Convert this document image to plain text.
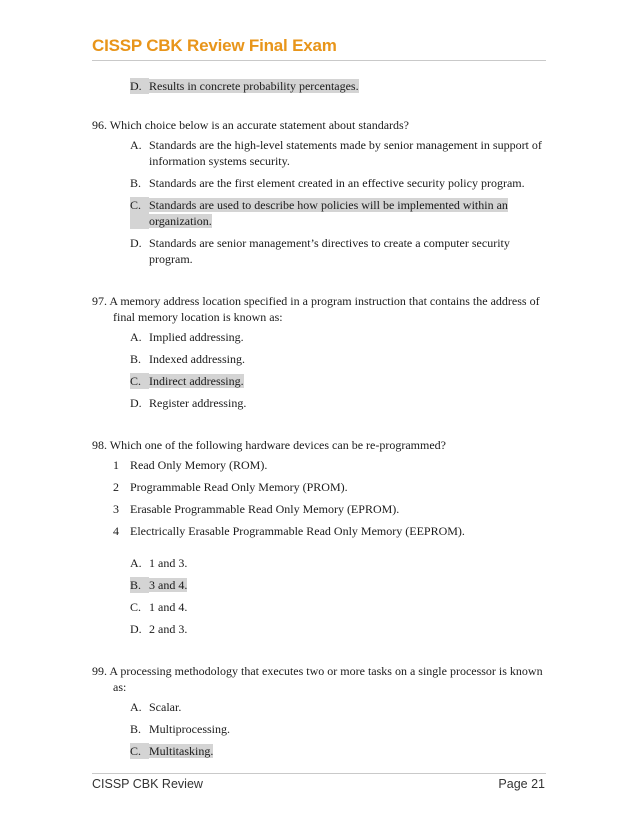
CISSP CBK Review Final Exam
D. Results in concrete probability percentages.
96. Which choice below is an accurate statement about standards?
A. Standards are the high-level statements made by senior management in support of information systems security.
B. Standards are the first element created in an effective security policy program.
C. Standards are used to describe how policies will be implemented within an organization.
D. Standards are senior management’s directives to create a computer security program.
97. A memory address location specified in a program instruction that contains the address of final memory location is known as:
A. Implied addressing.
B. Indexed addressing.
C. Indirect addressing.
D. Register addressing.
98. Which one of the following hardware devices can be re-programmed?
1 Read Only Memory (ROM).
2 Programmable Read Only Memory (PROM).
3 Erasable Programmable Read Only Memory (EPROM).
4 Electrically Erasable Programmable Read Only Memory (EEPROM).
A. 1 and 3.
B. 3 and 4.
C. 1 and 4.
D. 2 and 3.
99. A processing methodology that executes two or more tasks on a single processor is known as:
A. Scalar.
B. Multiprocessing.
C. Multitasking.
CISSP CBK Review	Page 21
